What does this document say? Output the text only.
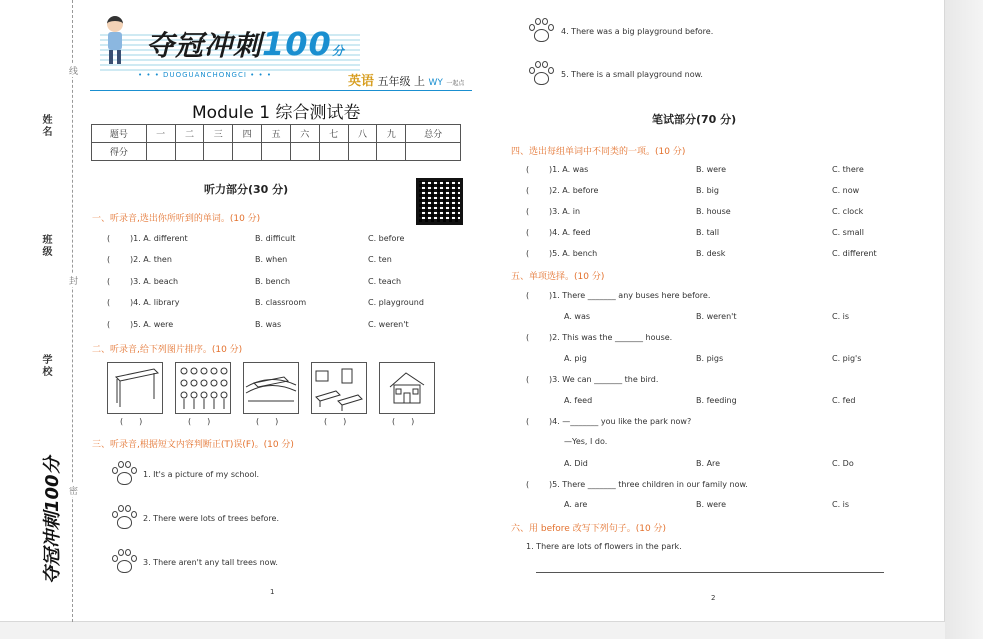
姓名
班级
学校
线
封
密
夺冠冲刺100分
夺冠冲刺100分
• • • DUOGUANCHONGCI • • •	英语 五年级 上 WY 一起点
Module 1 综合测试卷
题号	一	二	三	四	五	六	七	八	九	总分
得分										
听力部分(30 分)
一、听录音,选出你所听到的单词。(10 分)
( )1. A. different	B. difficult	C. before
( )2. A. then	B. when	C. ten
( )3. A. beach	B. bench	C. teach
( )4. A. library	B. classroom	C. playground
( )5. A. were	B. was	C. weren't
二、听录音,给下列图片排序。(10 分)
(　　)	(　　)	(　　)	(　　)	(　　)
三、听录音,根据短文内容判断正(T)误(F)。(10 分)
1. It's a picture of my school.
2. There were lots of trees before.
3. There aren't any tall trees now.
1
4. There was a big playground before.
5. There is a small playground now.
笔试部分(70 分)
四、选出每组单词中不同类的一项。(10 分)
( )1. A. was	B. were	C. there
( )2. A. before	B. big	C. now
( )3. A. in	B. house	C. clock
( )4. A. feed	B. tall	C. small
( )5. A. bench	B. desk	C. different
五、单项选择。(10 分)
( )1. There _______ any buses here before.
A. was	B. weren't	C. is
( )2. This was the _______ house.
A. pig	B. pigs	C. pig's
( )3. We can _______ the bird.
A. feed	B. feeding	C. fed
( )4. —_______ you like the park now?
—Yes, I do.
A. Did	B. Are	C. Do
( )5. There _______ three children in our family now.
A. are	B. were	C. is
六、用 before 改写下列句子。(10 分)
1. There are lots of flowers in the park.
2
